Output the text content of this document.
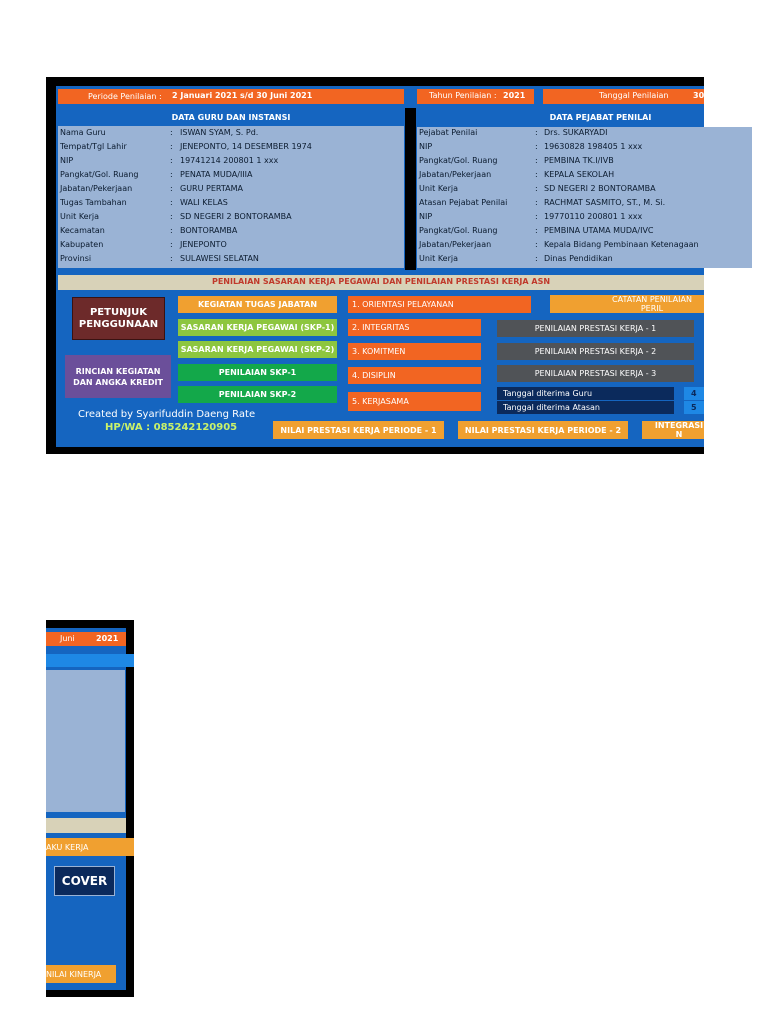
Periode Penilaian : 2 Januari 2021 s/d 30 Juni 2021	Tahun Penilaian : 2021	Tanggal Penilaian	30
DATA GURU DAN INSTANSI
Nama Guru	: ISWAN SYAM, S. Pd.
Tempat/Tgl Lahir	: JENEPONTO, 14 DESEMBER 1974
NIP	: 19741214 200801 1 xxx
Pangkat/Gol. Ruang	: PENATA MUDA/IIIA
Jabatan/Pekerjaan	: GURU PERTAMA
Tugas Tambahan	: WALI KELAS
Unit Kerja	: SD NEGERI 2 BONTORAMBA
Kecamatan	: BONTORAMBA
Kabupaten	: JENEPONTO
Provinsi	: SULAWESI SELATAN
DATA PEJABAT PENILAI
Pejabat Penilai	: Drs. SUKARYADI
NIP	: 19630828 198405 1 xxx
Pangkat/Gol. Ruang	: PEMBINA TK.I/IVB
Jabatan/Pekerjaan	: KEPALA SEKOLAH
Unit Kerja	: SD NEGERI 2 BONTORAMBA
Atasan Pejabat Penilai	: RACHMAT SASMITO, ST., M. Si.
NIP	: 19770110 200801 1 xxx
Pangkat/Gol. Ruang	: PEMBINA UTAMA MUDA/IVC
Jabatan/Pekerjaan	: Kepala Bidang Pembinaan Ketenagaan
Unit Kerja	: Dinas Pendidikan
PENILAIAN SASARAN KERJA PEGAWAI DAN PENILAIAN PRESTASI KERJA ASN
PETUNJUK PENGGUNAAN
RINCIAN KEGIATAN DAN ANGKA KREDIT
KEGIATAN TUGAS JABATAN
SASARAN KERJA PEGAWAI (SKP-1)
SASARAN KERJA PEGAWAI (SKP-2)
PENILAIAN SKP-1
PENILAIAN SKP-2
1. ORIENTASI PELAYANAN
2. INTEGRITAS
3. KOMITMEN
4. DISIPLIN
5. KERJASAMA
CATATAN PENILAIAN PERIL
PENILAIAN PRESTASI KERJA - 1
PENILAIAN PRESTASI KERJA - 2
PENILAIAN PRESTASI KERJA - 3
Tanggal diterima Guru	4
Tanggal diterima Atasan	5
Created by Syarifuddin Daeng Rate
HP/WA : 085242120905	NILAI PRESTASI KERJA PERIODE - 1	NILAI PRESTASI KERJA PERIODE - 2	INTEGRASI N
Juni	2021
AKU KERJA
COVER
NILAI KINERJA
